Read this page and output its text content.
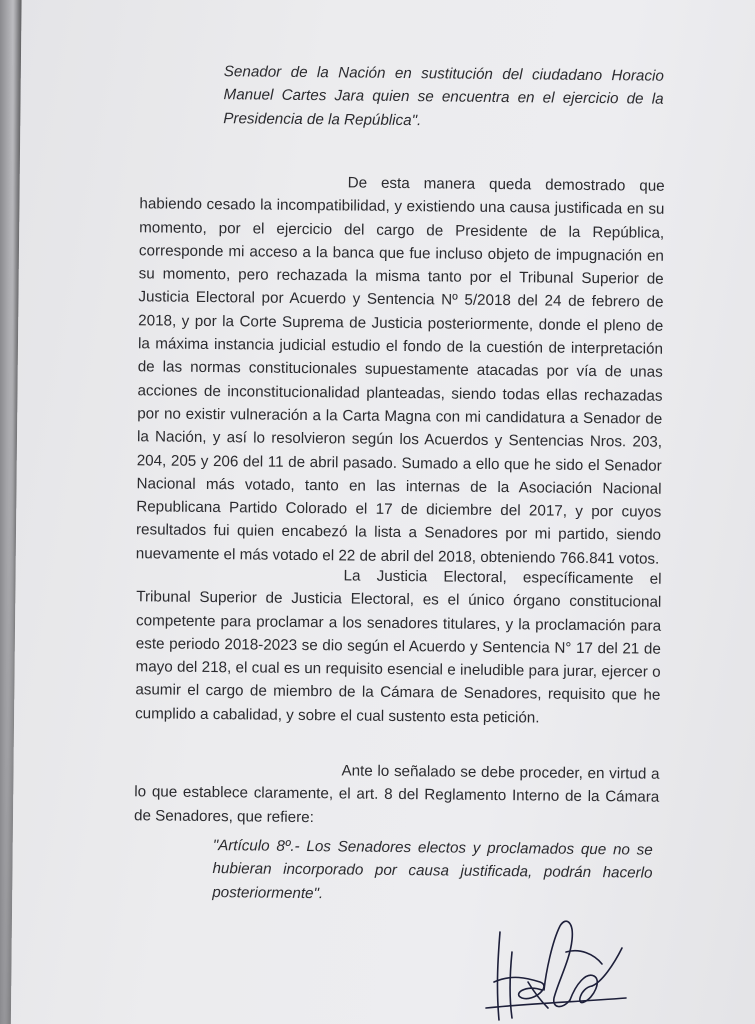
Senador de la Nación en sustitución del ciudadano Horacio Manuel Cartes Jara quien se encuentra en el ejercicio de la Presidencia de la República".

De esta manera queda demostrado que habiendo cesado la incompatibilidad, y existiendo una causa justificada en su momento, por el ejercicio del cargo de Presidente de la República, corresponde mi acceso a la banca que fue incluso objeto de impugnación en su momento, pero rechazada la misma tanto por el Tribunal Superior de Justicia Electoral por Acuerdo y Sentencia Nº 5/2018 del 24 de febrero de 2018, y por la Corte Suprema de Justicia posteriormente, donde el pleno de la máxima instancia judicial estudio el fondo de la cuestión de interpretación de las normas constitucionales supuestamente atacadas por vía de unas acciones de inconstitucionalidad planteadas, siendo todas ellas rechazadas por no existir vulneración a la Carta Magna con mi candidatura a Senador de la Nación, y así lo resolvieron según los Acuerdos y Sentencias Nros. 203, 204, 205 y 206 del 11 de abril pasado. Sumado a ello que he sido el Senador Nacional más votado, tanto en las internas de la Asociación Nacional Republicana Partido Colorado el 17 de diciembre del 2017, y por cuyos resultados fui quien encabezó la lista a Senadores por mi partido, siendo nuevamente el más votado el 22 de abril del 2018, obteniendo 766.841 votos.

La Justicia Electoral, específicamente el Tribunal Superior de Justicia Electoral, es el único órgano constitucional competente para proclamar a los senadores titulares, y la proclamación para este periodo 2018-2023 se dio según el Acuerdo y Sentencia N° 17 del 21 de mayo del 218, el cual es un requisito esencial e ineludible para jurar, ejercer o asumir el cargo de miembro de la Cámara de Senadores, requisito que he cumplido a cabalidad, y sobre el cual sustento esta petición.

Ante lo señalado se debe proceder, en virtud a lo que establece claramente, el art. 8 del Reglamento Interno de la Cámara de Senadores, que refiere:

"Artículo 8º.- Los Senadores electos y proclamados que no se hubieran incorporado por causa justificada, podrán hacerlo posteriormente".
